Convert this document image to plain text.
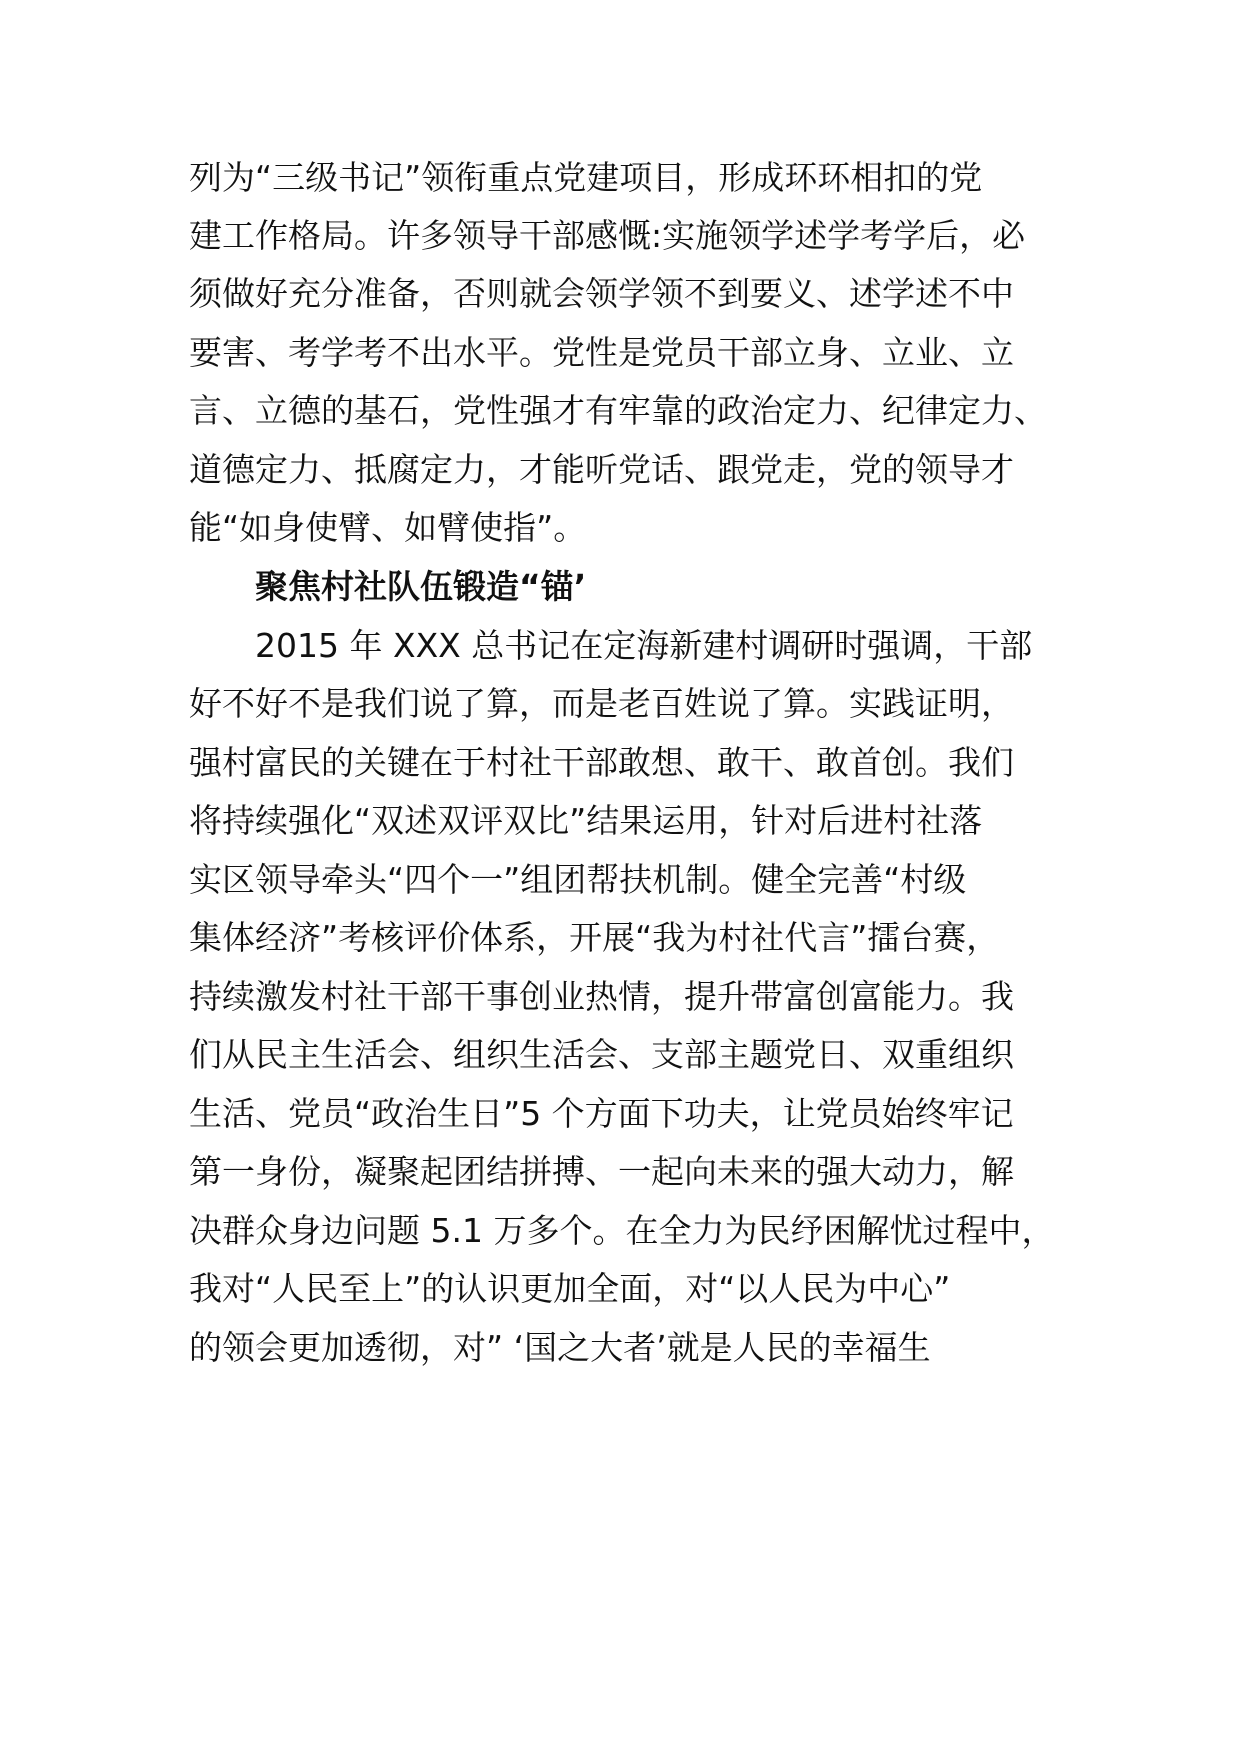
列为“三级书记”领衔重点党建项目，形成环环相扣的党
建工作格局。许多领导干部感慨:实施领学述学考学后，必
须做好充分准备，否则就会领学领不到要义、述学述不中
要害、考学考不出水平。党性是党员干部立身、立业、立
言、立德的基石，党性强才有牢靠的政治定力、纪律定力、
道德定力、抵腐定力，才能听党话、跟党走，党的领导才
能“如身使臂、如臂使指”。
聚焦村社队伍锻造“锚’
2015 年 XXX 总书记在定海新建村调研时强调，干部
好不好不是我们说了算，而是老百姓说了算。实践证明，
强村富民的关键在于村社干部敢想、敢干、敢首创。我们
将持续强化“双述双评双比”结果运用，针对后进村社落
实区领导牵头“四个一”组团帮扶机制。健全完善“村级
集体经济”考核评价体系，开展“我为村社代言”擂台赛，
持续激发村社干部干事创业热情，提升带富创富能力。我
们从民主生活会、组织生活会、支部主题党日、双重组织
生活、党员“政治生日”5 个方面下功夫，让党员始终牢记
第一身份，凝聚起团结拼搏、一起向未来的强大动力，解
决群众身边问题 5.1 万多个。在全力为民纾困解忧过程中，
我对“人民至上”的认识更加全面，对“以人民为中心”
的领会更加透彻，对” ‘国之大者’就是人民的幸福生
